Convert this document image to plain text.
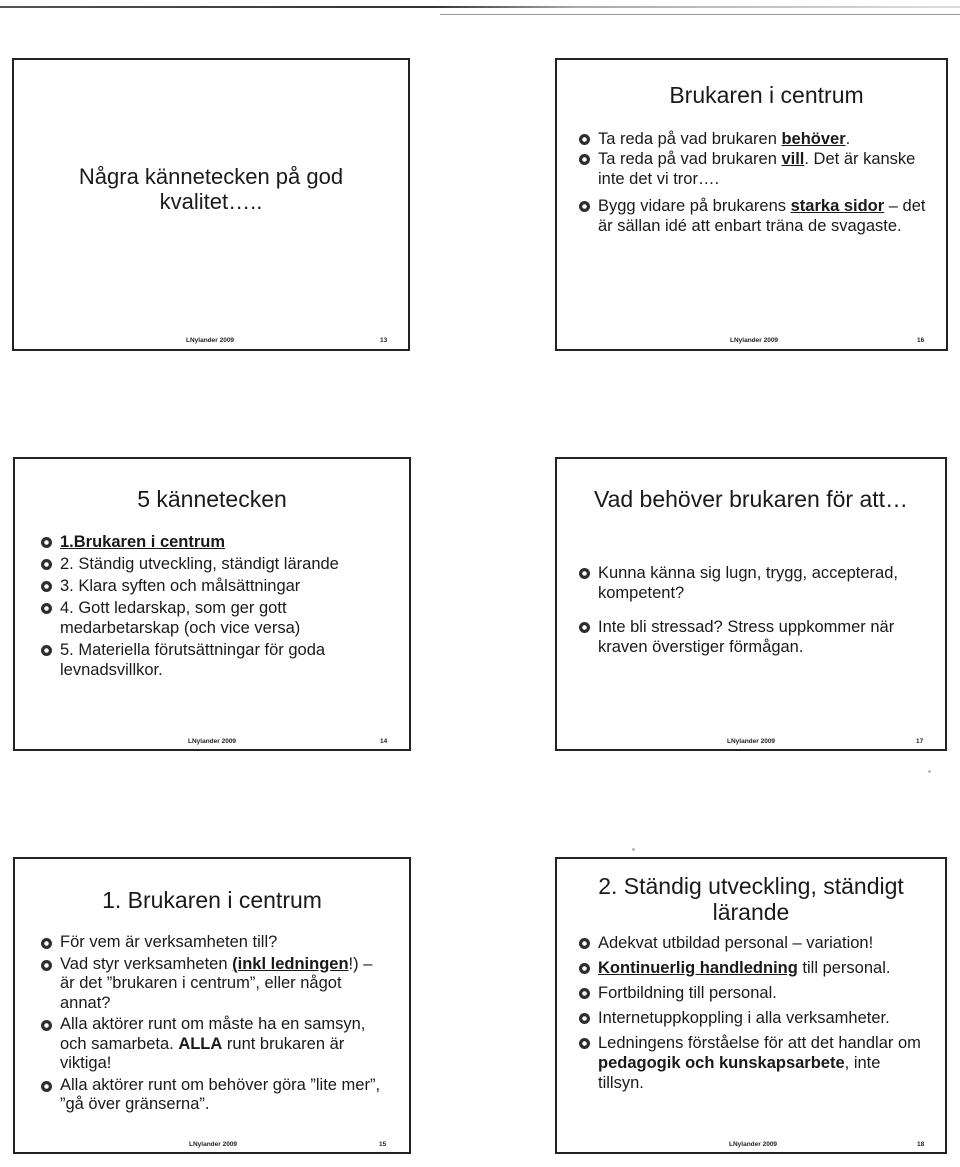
Några kännetecken på god kvalitet…..
LNylander 2009	13
Brukaren i centrum
Ta reda på vad brukaren behöver.
Ta reda på vad brukaren vill. Det är kanske inte det vi tror….
Bygg vidare på brukarens starka sidor – det är sällan idé att enbart träna de svagaste.
LNylander 2009	16
5 kännetecken
1.Brukaren i centrum
2. Ständig utveckling, ständigt lärande
3. Klara syften och målsättningar
4. Gott ledarskap, som ger gott medarbetarskap (och vice versa)
5. Materiella förutsättningar för goda levnadsvillkor.
LNylander 2009	14
Vad behöver brukaren för att…
Kunna känna sig lugn, trygg, accepterad, kompetent?
Inte bli stressad? Stress uppkommer när kraven överstiger förmågan.
LNylander 2009	17
1. Brukaren i centrum
För vem är verksamheten till?
Vad styr verksamheten (inkl ledningen!) – är det ”brukaren i centrum”, eller något annat?
Alla aktörer runt om måste ha en samsyn, och samarbeta. ALLA runt brukaren är viktiga!
Alla aktörer runt om behöver göra ”lite mer”, ”gå över gränserna”.
LNylander 2009	15
2. Ständig utveckling, ständigt lärande
Adekvat utbildad personal – variation!
Kontinuerlig handledning till personal.
Fortbildning till personal.
Internetuppkoppling i alla verksamheter.
Ledningens förståelse för att det handlar om pedagogik och kunskapsarbete, inte tillsyn.
LNylander 2009	18
